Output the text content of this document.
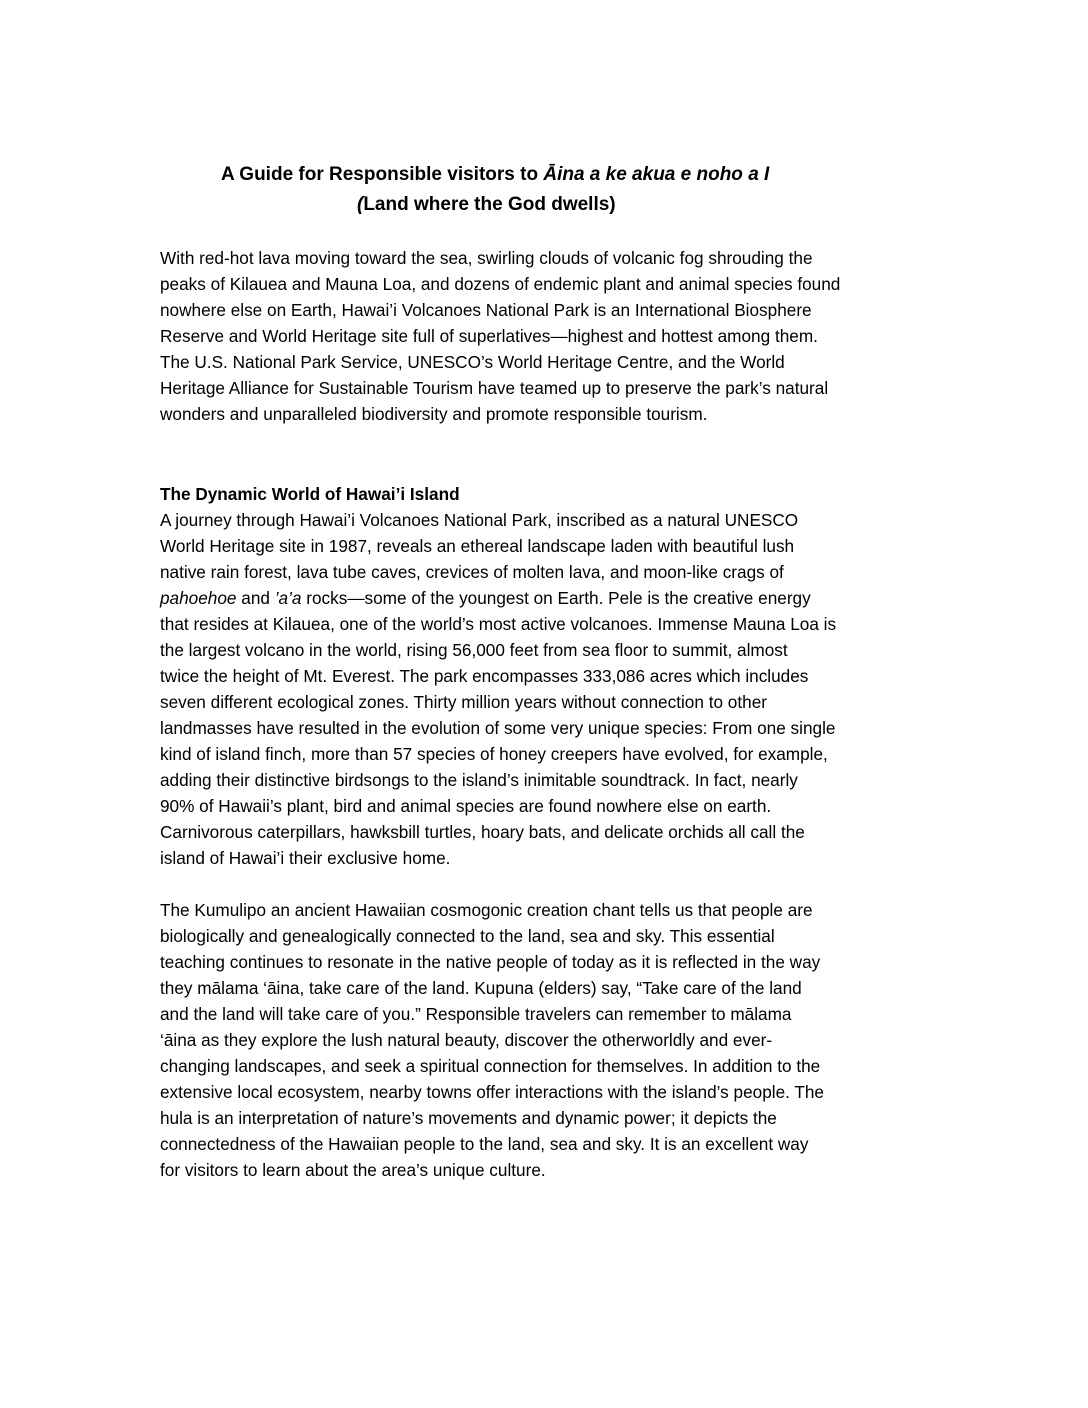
A Guide for Responsible visitors to Āina a ke akua e noho a I
(Land where the God dwells)
With red-hot lava moving toward the sea, swirling clouds of volcanic fog shrouding the
peaks of Kilauea and Mauna Loa, and dozens of endemic plant and animal species found
nowhere else on Earth, Hawai’i Volcanoes National Park is an International Biosphere
Reserve and World Heritage site full of superlatives—highest and hottest among them.
The U.S. National Park Service, UNESCO’s World Heritage Centre, and the World
Heritage Alliance for Sustainable Tourism have teamed up to preserve the park’s natural
wonders and unparalleled biodiversity and promote responsible tourism.
The Dynamic World of Hawai’i Island
A journey through Hawai’i Volcanoes National Park, inscribed as a natural UNESCO
World Heritage site in 1987, reveals an ethereal landscape laden with beautiful lush
native rain forest, lava tube caves, crevices of molten lava, and moon-like crags of
pahoehoe and ’a’a rocks—some of the youngest on Earth. Pele is the creative energy
that resides at Kilauea, one of the world’s most active volcanoes. Immense Mauna Loa is
the largest volcano in the world, rising 56,000 feet from sea floor to summit, almost
twice the height of Mt. Everest. The park encompasses 333,086 acres which includes
seven different ecological zones. Thirty million years without connection to other
landmasses have resulted in the evolution of some very unique species: From one single
kind of island finch, more than 57 species of honey creepers have evolved, for example,
adding their distinctive birdsongs to the island’s inimitable soundtrack. In fact, nearly
90% of Hawaii’s plant, bird and animal species are found nowhere else on earth.
Carnivorous caterpillars, hawksbill turtles, hoary bats, and delicate orchids all call the
island of Hawai’i their exclusive home.
The Kumulipo an ancient Hawaiian cosmogonic creation chant tells us that people are
biologically and genealogically connected to the land, sea and sky. This essential
teaching continues to resonate in the native people of today as it is reflected in the way
they mālama ‘āina, take care of the land. Kupuna (elders) say, “Take care of the land
and the land will take care of you.” Responsible travelers can remember to mālama
‘āina as they explore the lush natural beauty, discover the otherworldly and ever-
changing landscapes, and seek a spiritual connection for themselves. In addition to the
extensive local ecosystem, nearby towns offer interactions with the island’s people. The
hula is an interpretation of nature’s movements and dynamic power; it depicts the
connectedness of the Hawaiian people to the land, sea and sky. It is an excellent way
for visitors to learn about the area’s unique culture.
